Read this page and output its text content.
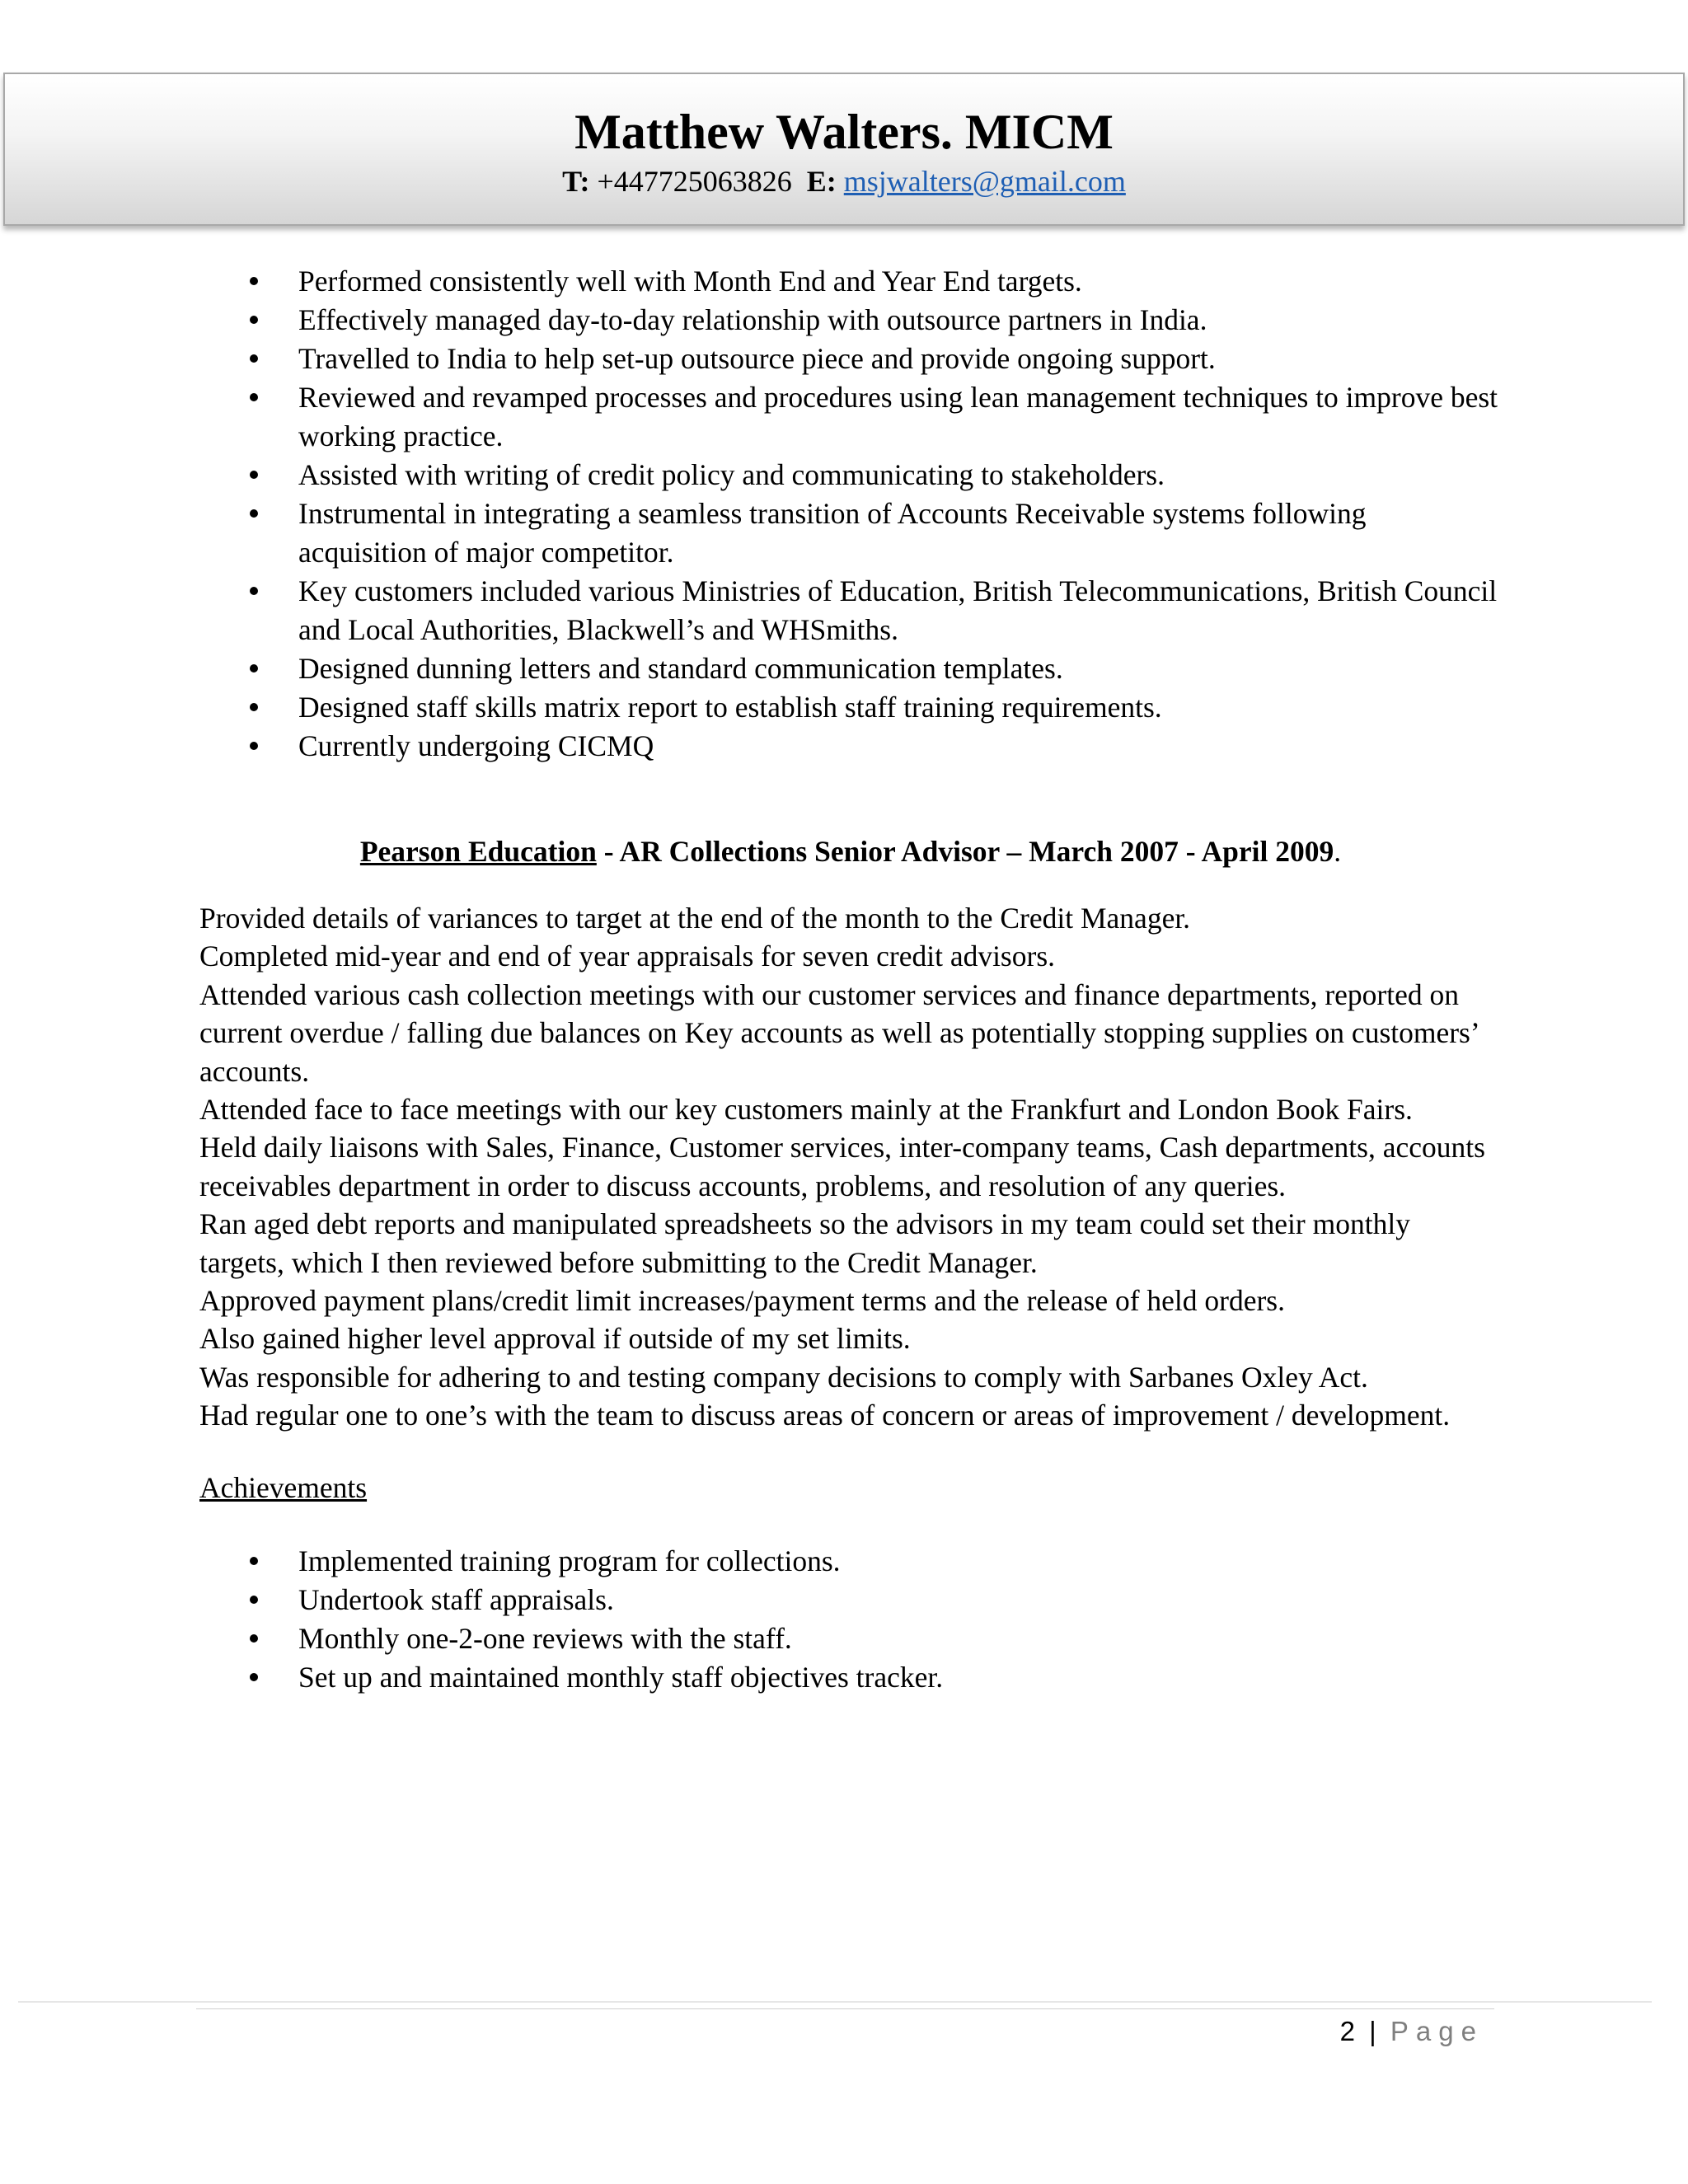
Matthew Walters. MICM
T: +447725063826 E: msjwalters@gmail.com
Performed consistently well with Month End and Year End targets.
Effectively managed day-to-day relationship with outsource partners in India.
Travelled to India to help set-up outsource piece and provide ongoing support.
Reviewed and revamped processes and procedures using lean management techniques to improve best working practice.
Assisted with writing of credit policy and communicating to stakeholders.
Instrumental in integrating a seamless transition of Accounts Receivable systems following acquisition of major competitor.
Key customers included various Ministries of Education, British Telecommunications, British Council and Local Authorities, Blackwell’s and WHSmiths.
Designed dunning letters and standard communication templates.
Designed staff skills matrix report to establish staff training requirements.
Currently undergoing CICMQ
Pearson Education - AR Collections Senior Advisor – March 2007 - April 2009.

Provided details of variances to target at the end of the month to the Credit Manager.

Completed mid-year and end of year appraisals for seven credit advisors.

Attended various cash collection meetings with our customer services and finance departments, reported on current overdue / falling due balances on Key accounts as well as potentially stopping supplies on customers’ accounts.

Attended face to face meetings with our key customers mainly at the Frankfurt and London Book Fairs.

Held daily liaisons with Sales, Finance, Customer services, inter-company teams, Cash departments, accounts receivables department in order to discuss accounts, problems, and resolution of any queries.

Ran aged debt reports and manipulated spreadsheets so the advisors in my team could set their monthly targets, which I then reviewed before submitting to the Credit Manager.

Approved payment plans/credit limit increases/payment terms and the release of held orders.

Also gained higher level approval if outside of my set limits.

Was responsible for adhering to and testing company decisions to comply with Sarbanes Oxley Act.

Had regular one to one’s with the team to discuss areas of concern or areas of improvement / development.

Achievements
Implemented training program for collections.
Undertook staff appraisals.
Monthly one-2-one reviews with the staff.
Set up and maintained monthly staff objectives tracker.
2 | Page
